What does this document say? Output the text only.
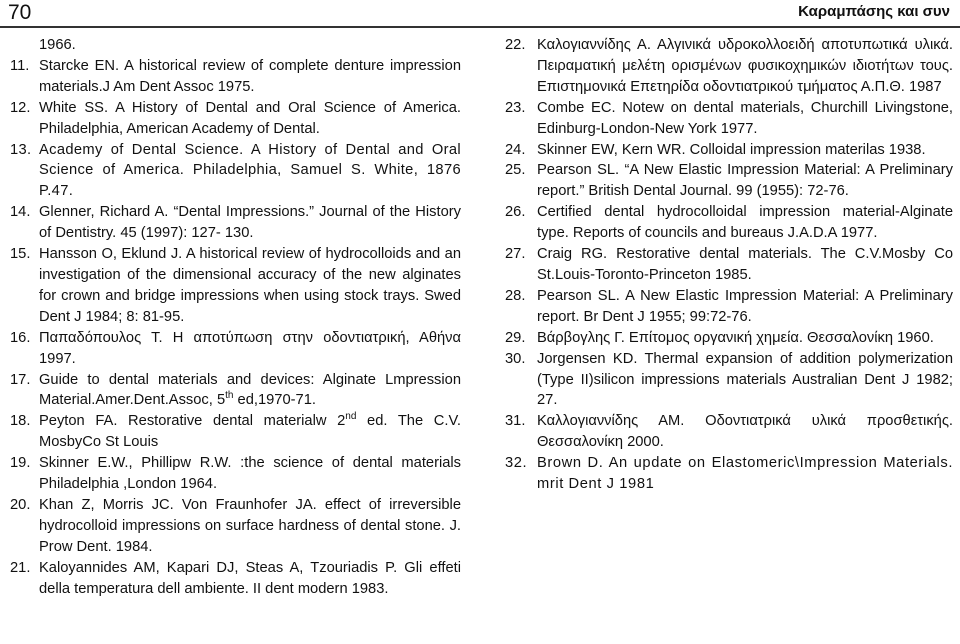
70	Καραμπάσης και συν
1966.
11. Starcke EN. A historical review of complete denture impression materials.J Am Dent Assoc 1975.
12. White SS. A History of Dental and Oral Science of America. Philadelphia, American Academy of Dental.
13. Academy of Dental Science. A History of Dental and Oral Science of America. Philadelphia, Samuel S. White, 1876 P.47.
14. Glenner, Richard A. “Dental Impressions.” Journal of the History of Dentistry. 45 (1997): 127- 130.
15. Hansson O, Eklund J. A historical review of hydrocolloids and an investigation of the dimensional accuracy of the new alginates for crown and bridge impressions when using stock trays. Swed Dent J 1984; 8: 81-95.
16. Παπαδόπουλος Τ. Η αποτύπωση στην οδοντιατρική, Αθήνα 1997.
17. Guide to dental materials and devices: Alginate Lmpression Material.Amer.Dent.Assoc, 5th ed,1970-71.
18. Peyton FA. Restorative dental materialw 2nd ed. The C.V. MosbyCo St Louis
19. Skinner E.W., Phillipw R.W. :the science of dental materials Philadelphia ,London 1964.
20. Khan Z, Morris JC. Von Fraunhofer JA. effect of irreversible hydrocolloid impressions on surface hardness of dental stone. J. Prow Dent. 1984.
21. Kaloyannides AM, Kapari DJ, Steas A, Tzouriadis P. Gli effeti della temperatura dell ambiente. II dent modern 1983.
22. Καλογιαννίδης Α. Αλγινικά υδροκολλοειδή αποτυπωτικά υλικά. Πειραματική μελέτη ορισμένων φυσικοχημικών ιδιοτήτων τους. Επιστημονικά Επετηρίδα οδοντιατρικού τμήματος Α.Π.Θ. 1987
23. Combe EC. Notew on dental materials, Churchill Livingstone, Edinburg-London-New York 1977.
24. Skinner EW, Kern WR. Colloidal impression materilas 1938.
25. Pearson SL. “A New Elastic Impression Material: A Preliminary report.” British Dental Journal. 99 (1955): 72-76.
26. Certified dental hydrocolloidal impression material-Alginate type. Reports of councils and bureaus J.A.D.A 1977.
27. Craig RG. Restorative dental materials. The C.V.Mosby Co St.Louis-Toronto-Princeton 1985.
28. Pearson SL. A New Elastic Impression Material: A Preliminary report. Br Dent J 1955; 99:72-76.
29. Βάρβογλης Γ. Επίτομος οργανική χημεία. Θεσσαλονίκη 1960.
30. Jorgensen KD. Thermal expansion of addition polymerization (Type II)silicon impressions materials Australian Dent J 1982; 27.
31. Καλλογιαννίδης ΑΜ. Οδοντιατρικά υλικά προσθετικής. Θεσσαλονίκη 2000.
32. Brown D. An update on Elastomeric\Impression Materials. mrit Dent J 1981
